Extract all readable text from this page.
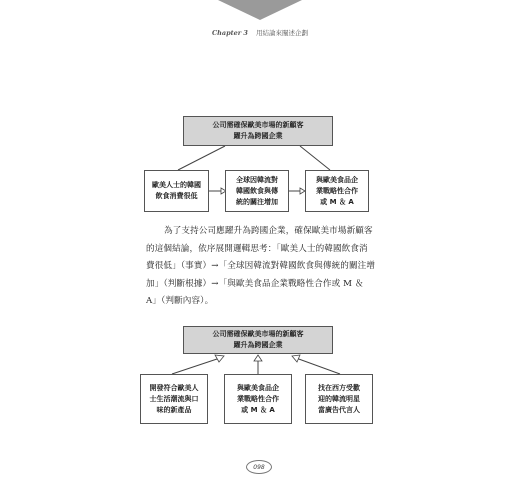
Chapter 3 用結論來闡述企劃
公司需確保歐美市場的新顧客
躍升為跨國企業
歐美人士的韓國
飲食消費很低
全球因韓流對
韓國飲食與傳
統的關注增加
與歐美食品企
業戰略性合作
或 M ＆ A
為了支持公司應躍升為跨國企業，確保歐美市場新顧客的這個結論，依序展開邏輯思考：「歐美人士的韓國飲食消費很低」（事實）→「全球因韓流對韓國飲食與傳統的關注增加」（判斷根據）→「與歐美食品企業戰略性合作或 M ＆ A」（判斷內容）。
公司需確保歐美市場的新顧客
躍升為跨國企業
開發符合歐美人
士生活潮流與口
味的新產品
與歐美食品企
業戰略性合作
或 M ＆ A
找在西方受歡
迎的韓流明星
當廣告代言人
098
